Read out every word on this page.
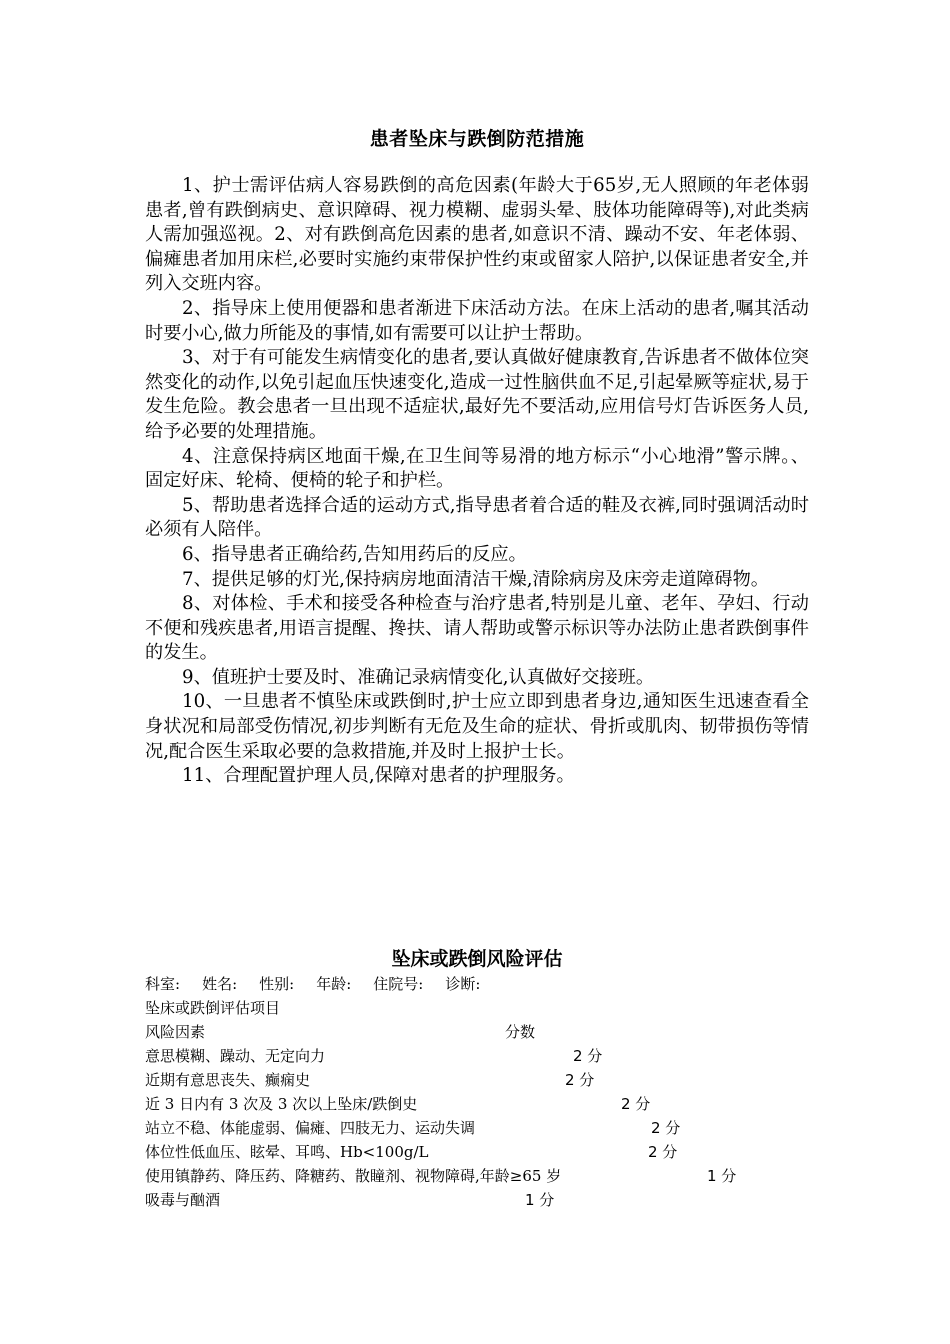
患者坠床与跌倒防范措施

1、护士需评估病人容易跌倒的高危因素(年龄大于65岁,无人照顾的年老体弱患者,曾有跌倒病史、意识障碍、视力模糊、虚弱头晕、肢体功能障碍等),对此类病人需加强巡视。2、对有跌倒高危因素的患者,如意识不清、躁动不安、年老体弱、偏瘫患者加用床栏,必要时实施约束带保护性约束或留家人陪护,以保证患者安全,并列入交班内容。

2、指导床上使用便器和患者渐进下床活动方法。在床上活动的患者,嘱其活动时要小心,做力所能及的事情,如有需要可以让护士帮助。

3、对于有可能发生病情变化的患者,要认真做好健康教育,告诉患者不做体位突然变化的动作,以免引起血压快速变化,造成一过性脑供血不足,引起晕厥等症状,易于发生危险。教会患者一旦出现不适症状,最好先不要活动,应用信号灯告诉医务人员,给予必要的处理措施。

4、注意保持病区地面干燥,在卫生间等易滑的地方标示“小心地滑”警示牌。、固定好床、轮椅、便椅的轮子和护栏。

5、帮助患者选择合适的运动方式,指导患者着合适的鞋及衣裤,同时强调活动时必须有人陪伴。

6、指导患者正确给药,告知用药后的反应。

7、提供足够的灯光,保持病房地面清洁干燥,清除病房及床旁走道障碍物。

8、对体检、手术和接受各种检查与治疗患者,特别是儿童、老年、孕妇、行动不便和残疾患者,用语言提醒、搀扶、请人帮助或警示标识等办法防止患者跌倒事件的发生。

9、值班护士要及时、准确记录病情变化,认真做好交接班。

10、一旦患者不慎坠床或跌倒时,护士应立即到患者身边,通知医生迅速查看全身状况和局部受伤情况,初步判断有无危及生命的症状、骨折或肌肉、韧带损伤等情况,配合医生采取必要的急救措施,并及时上报护士长。

11、合理配置护理人员,保障对患者的护理服务。

坠床或跌倒风险评估
科室: 姓名: 性别: 年龄: 住院号: 诊断:
坠床或跌倒评估项目
风险因素	分数
意思模糊、躁动、无定向力	2 分
近期有意思丧失、癫痫史	2 分
近 3 日内有 3 次及 3 次以上坠床/跌倒史	2 分
站立不稳、体能虚弱、偏瘫、四肢无力、运动失调	2 分
体位性低血压、眩晕、耳鸣、Hb<100g/L	2 分
使用镇静药、降压药、降糖药、散瞳剂、视物障碍,年龄≥65 岁	1 分
吸毒与酗酒	1 分
